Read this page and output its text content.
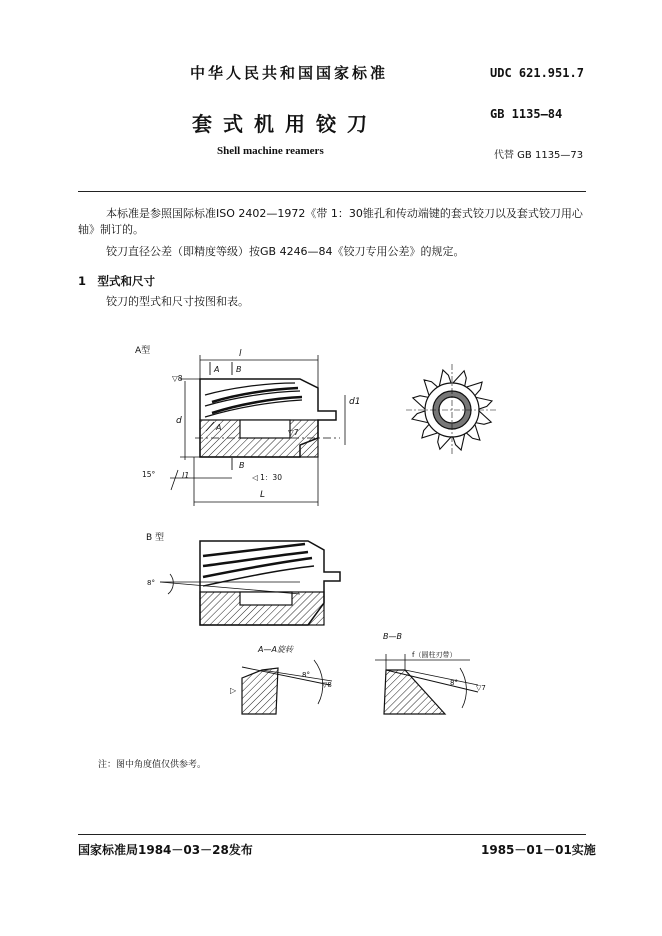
中华人民共和国国家标准
套式机用铰刀
Shell machine reamers
UDC 621.951.7
GB 1135—84
代替 GB 1135—73
本标准是参照国际标准ISO 2402—1972《带 1：30锥孔和传动端键的套式铰刀以及套式铰刀用心
轴》制订的。
铰刀直径公差（即精度等级）按GB 4246—84《铰刀专用公差》的规定。
1　型式和尺寸
铰刀的型式和尺寸按图和表。
A型	l
L
l1
d
d1
A B
A
B
◁ 1：30
15°
▽8
▽7
B 型
8°
A—A旋转
8°
▽8
▷
B—B
f（圆柱刃带）
8°
▽7
注：图中角度值仅供参考。
国家标准局1984－03－28发布	1985－01－01实施
